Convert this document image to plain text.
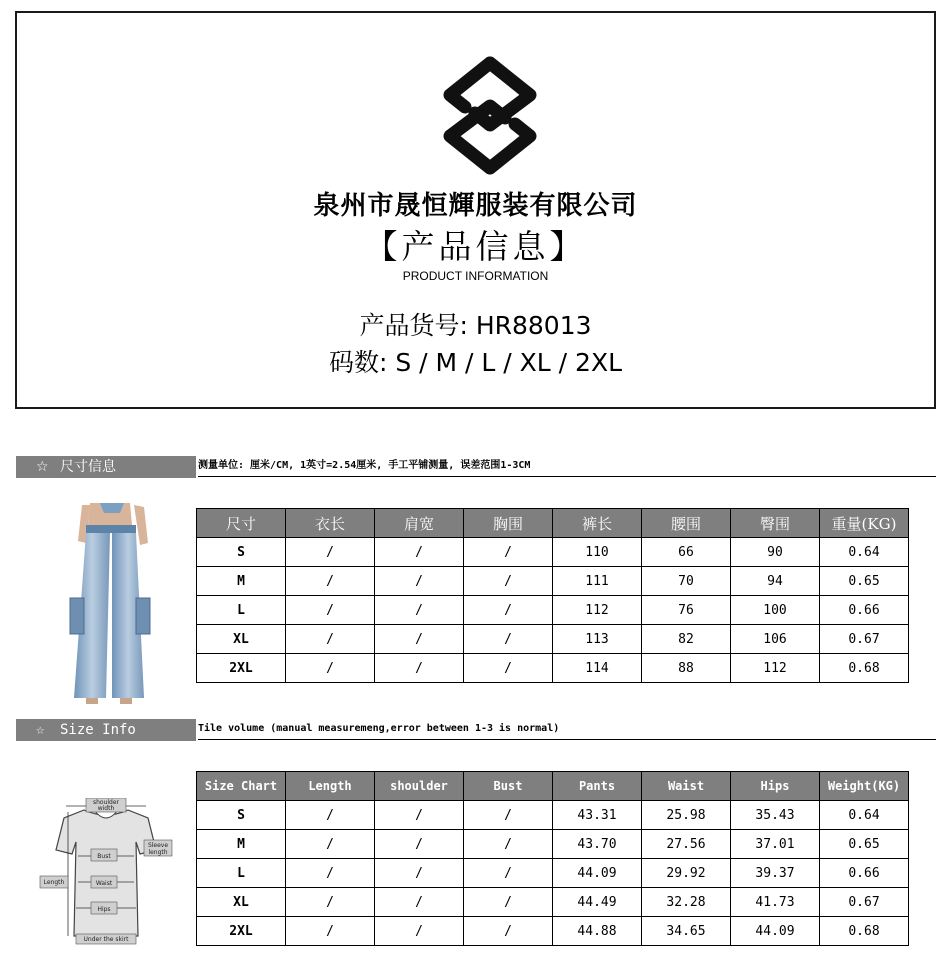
泉州市晟恒輝服装有限公司
【产品信息】
PRODUCT INFORMATION
产品货号: HR88013
码数: S / M / L / XL / 2XL
☆ 尺寸信息	测量单位: 厘米/CM, 1英寸=2.54厘米, 手工平铺测量, 误差范围1-3CM
尺寸	衣长	肩宽	胸围	裤长	腰围	臀围	重量(KG)
S	/	/	/	110	66	90	0.64
M	/	/	/	111	70	94	0.65
L	/	/	/	112	76	100	0.66
XL	/	/	/	113	82	106	0.67
2XL	/	/	/	114	88	112	0.68
☆ Size Info	Tile volume (manual measuremeng,error between 1-3 is normal)
shoulder
width
Sleeve
length
Bust
Length	Waist
Hips
Under the skirt
Size Chart	Length	shoulder	Bust	Pants	Waist	Hips	Weight(KG)
S	/	/	/	43.31	25.98	35.43	0.64
M	/	/	/	43.70	27.56	37.01	0.65
L	/	/	/	44.09	29.92	39.37	0.66
XL	/	/	/	44.49	32.28	41.73	0.67
2XL	/	/	/	44.88	34.65	44.09	0.68
